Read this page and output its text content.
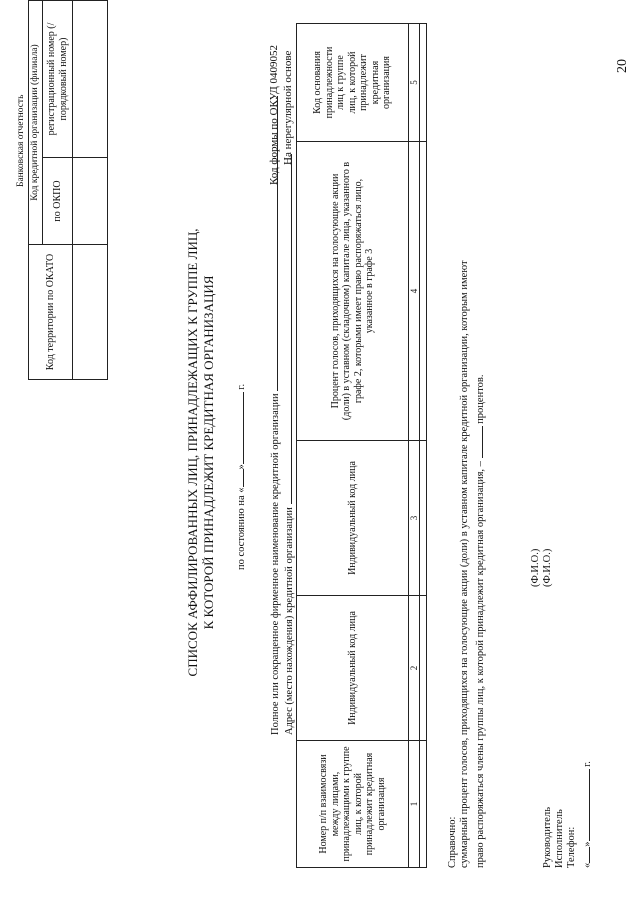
Банковская отчетность
Код территории по ОКАТО	Код кредитной организации (филиала)	
	по ОКПО	регистрационный номер (/порядковый номер)

СПИСОК АФФИЛИРОВАННЫХ ЛИЦ, ПРИНАДЛЕЖАЩИХ К ГРУППЕ ЛИЦ, К КОТОРОЙ ПРИНАДЛЕЖИТ КРЕДИТНАЯ ОРГАНИЗАЦИЯ	по состоянию на «» г.
Полное или сокращенное фирменное наименование кредитной организации Адрес (место нахождения) кредитной организации
Код формы по ОКУД 0409052 На нерегулярной основе
Номер п/п взаимосвязи между лицами, принадлежащими к группе лиц, к которой принадлежит кредитная организация	Индивидуальный код лица	Индивидуальный код лица	Процент голосов, приходящихся на голосующие акции (доли) в уставном (складочном) капитале лица, указанного в графе 2, которыми имеет право распоряжаться лицо, указанное в графе 3	Код основания принадлежности лиц к группе лиц, к которой принадлежит кредитная организация
1	2	3	4	5

Справочно: суммарный процент голосов, приходящихся на голосующие акции (доли) в уставном капитале кредитной организации, которым имеют право распоряжаться члены группы лиц, к которой принадлежит кредитная организация, –  процентов.
Руководитель
(Ф.И.О.)
Исполнитель
(Ф.И.О.)
Телефон: «» г.
20
